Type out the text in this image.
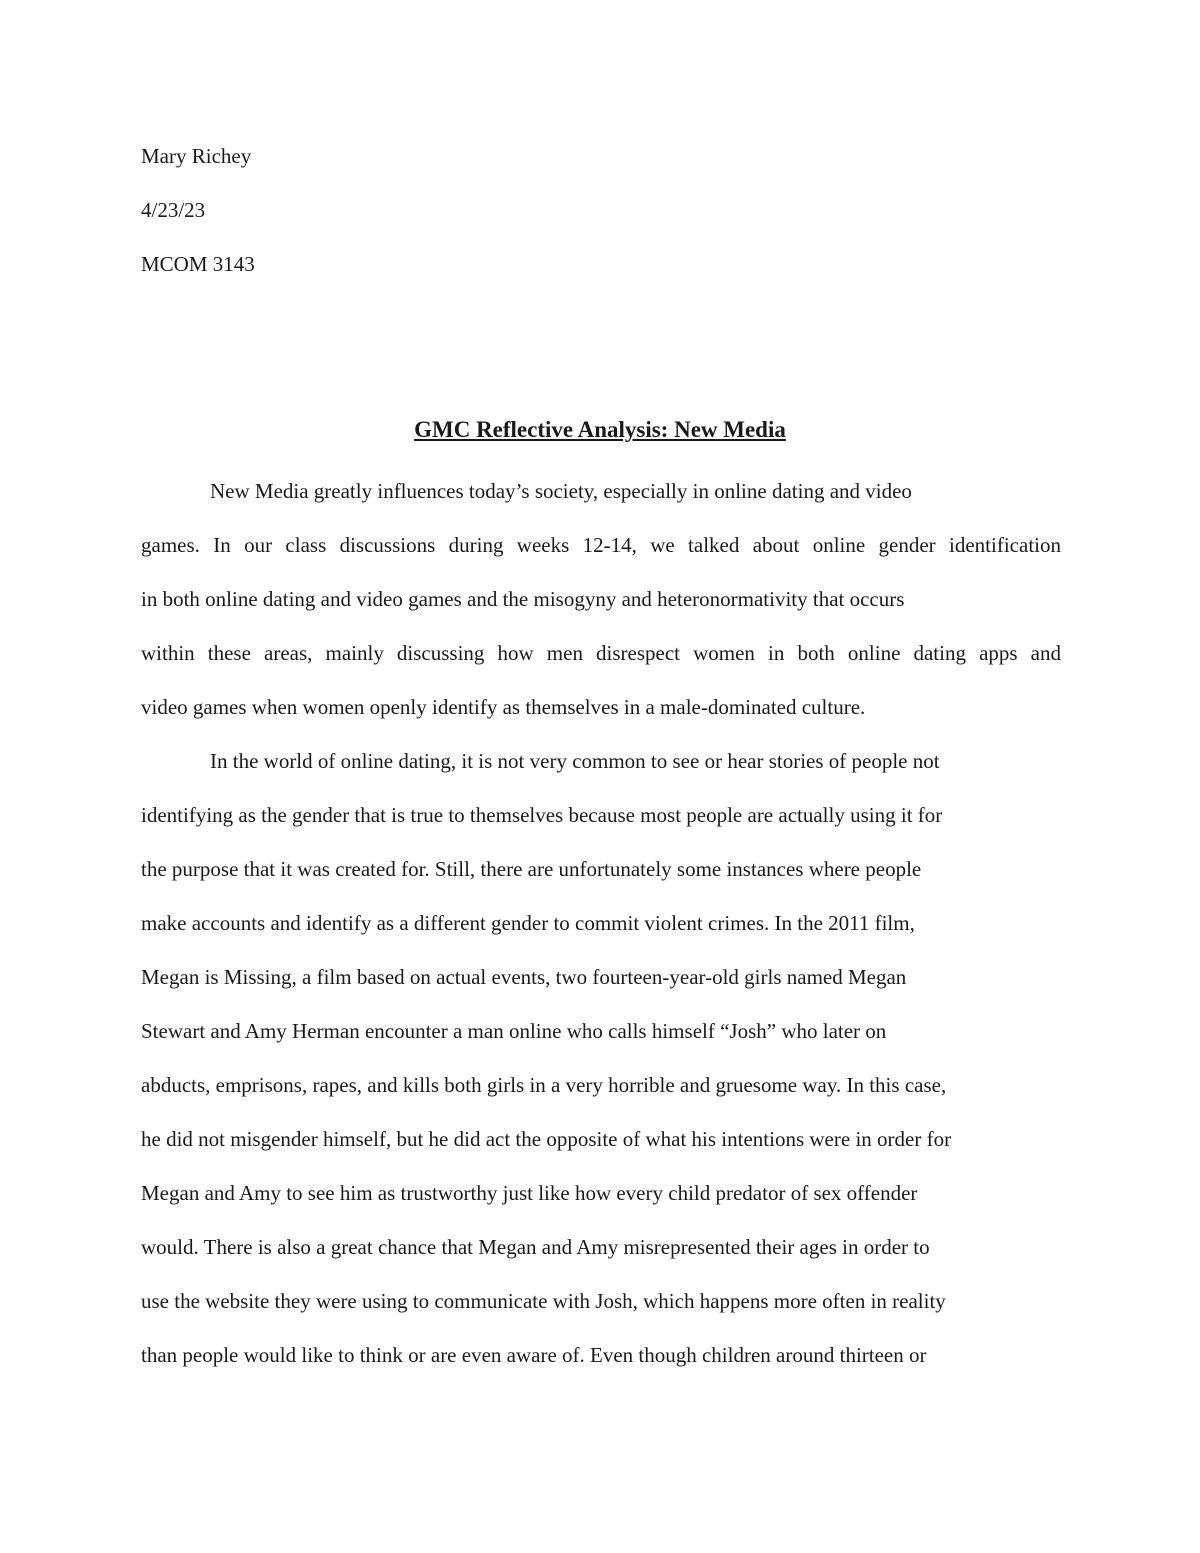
Mary Richey
4/23/23
MCOM 3143
GMC Reflective Analysis: New Media
New Media greatly influences today’s society, especially in online dating and video
games. In our class discussions during weeks 12-14, we talked about online gender identification
in both online dating and video games and the misogyny and heteronormativity that occurs
within these areas, mainly discussing how men disrespect women in both online dating apps and
video games when women openly identify as themselves in a male-dominated culture.
In the world of online dating, it is not very common to see or hear stories of people not
identifying as the gender that is true to themselves because most people are actually using it for
the purpose that it was created for. Still, there are unfortunately some instances where people
make accounts and identify as a different gender to commit violent crimes. In the 2011 film,
Megan is Missing, a film based on actual events, two fourteen-year-old girls named Megan
Stewart and Amy Herman encounter a man online who calls himself “Josh” who later on
abducts, emprisons, rapes, and kills both girls in a very horrible and gruesome way. In this case,
he did not misgender himself, but he did act the opposite of what his intentions were in order for
Megan and Amy to see him as trustworthy just like how every child predator of sex offender
would. There is also a great chance that Megan and Amy misrepresented their ages in order to
use the website they were using to communicate with Josh, which happens more often in reality
than people would like to think or are even aware of. Even though children around thirteen or
